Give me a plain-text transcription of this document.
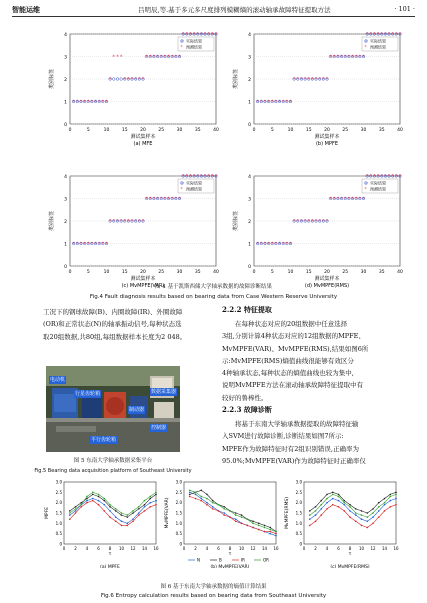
智能运维	吕明辰,等.基于多元多尺度排列模糊熵的滚动轴承故障特征提取方法	· 101 ·
0
1
2
3
4
0	5	10	15	20	25	30	35	40
测试集样本
类别标签
(a) MFE
实际结果
* 预测结果
* * * * * * * * * *
*
* * *
* * * * * *
* * * * * * * * * *
* * * * * * * * * *
0
1
2
3
4
0	5	10	15	20	25	30	35	40
测试集样本
类别标签
(b) MPFE
实际结果
* 预测结果
* * * * * * * * * *
* * * * * * * * * *
* * * * * * * * * *
* * * * * * * * * *
0
1
2
3
4
0	5	10	15	20	25	30	35	40
测试集样本
类别标签
(c) MvMPFE(VAR)
实际结果
* 预测结果
* * * * * * * * * *
* * * * * * * * * *
* * * * * * * * * *
* * * * * * * * * *
0
1
2
3
4
0	5	10	15	20	25	30	35	40
测试集样本
类别标签
(d) MvMPFE(RMS)
实际结果
* 预测结果
* * * * * * * * * *
* * * * * * * * * *
* * * * * * * * * *
* * * * * * * * * *
图 4 基于凯斯西储大学轴承数据的故障诊断结果
Fig.4 Fault diagnosis results based on bearing data from Case Western Reserve University
工况下的钢球故障(B)、内圈故障(IR)、外圈故障
(OR)和正常状态(N)的轴承振动信号,每种状态选
取20组数据,共80组,每组数据样本长度为2 048。
电动机
行星齿轮箱
平行齿轮箱
制动器
数据采集器
控制器
图 5 东南大学轴承数据采集平台
Fig.5 Bearing data acquisition platform of Southeast University
2.2.2 特征提取
在每种状态对应的20组数据中任意选择
3组,分别计算4种状态对应的12组数据的MPFE、
MvMPFE(VAR)、MvMPFE(RMS),结果如图6所
示:MvMPFE(RMS)熵值曲线很能够有效区分
4种轴承状态,每种状态的熵值曲线也较为集中,
说明MvMPFE方法在滚动轴承故障特征提取中有
较好的鲁棒性。
2.2.3 故障诊断
将基于东南大学轴承数据提取的故障特征输
入SVM进行故障诊断,诊断结果如图7所示:
MPFE作为故障特征时有2组识别错误,正确率为
95.0%;MvMPFE(VAR)作为故障特征时正确率仅
0
0.5
1.0
1.5
2.0
2.5
3.0
0 2 4 6 8 10 12 14 16
τ
MPFE
(a) MPFE
0
0.5
1.0
1.5
2.0
2.5
3.0
0 2 4 6 8 10 12 14 16
τ
MvMPFE(VAR)
N	B	IR	OR
(b) MvMPFE(VAR)
0
0.5
1.0
1.5
2.0
2.5
3.0
0 2 4 6 8 10 12 14 16
τ
MvMPFE(RMS)
(c) MvMPFE(RMS)
图 6 基于东南大学轴承数据的熵值计算结果
Fig.6 Entropy calculation results based on bearing data from Southeast University
